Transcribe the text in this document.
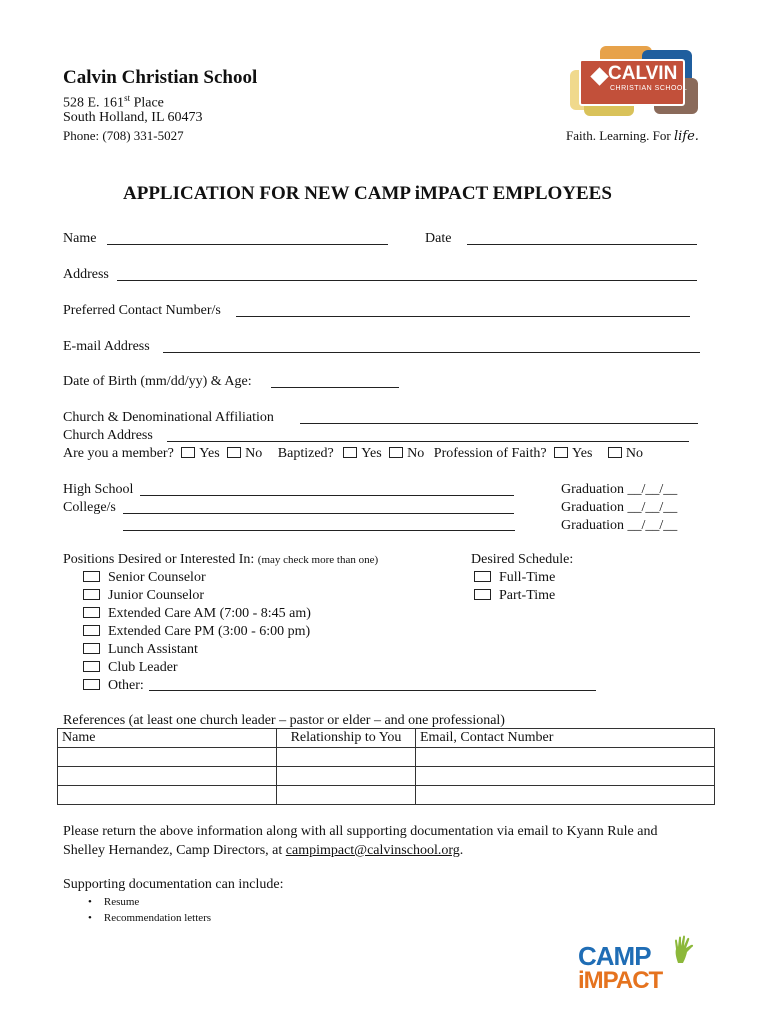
Calvin Christian School
528 E. 161st Place
South Holland, IL 60473
Phone: (708) 331-5027
CALVIN
CHRISTIAN SCHOOL
Faith. Learning. For life.
APPLICATION FOR NEW CAMP iMPACT EMPLOYEES
Name	Date
Address
Preferred Contact Number/s
E-mail Address
Date of Birth (mm/dd/yy) & Age:
Church & Denominational Affiliation
Church Address
Are you a member? Yes No Baptized? Yes No Profession of Faith? Yes No
High School	Graduation __/__/__
College/s	Graduation __/__/__
Graduation __/__/__
Positions Desired or Interested In: (may check more than one)
Senior Counselor
Junior Counselor
Extended Care AM (7:00 - 8:45 am)
Extended Care PM (3:00 - 6:00 pm)
Lunch Assistant
Club Leader
Other:
Desired Schedule:
Full-Time
Part-Time
References (at least one church leader – pastor or elder – and one professional)
Name	Relationship to You	Email, Contact Number

Please return the above information along with all supporting documentation via email to Kyann Rule and
Shelley Hernandez, Camp Directors, at campimpact@calvinschool.org.
Supporting documentation can include:
• Resume
• Recommendation letters
CAMP
iMPACT
